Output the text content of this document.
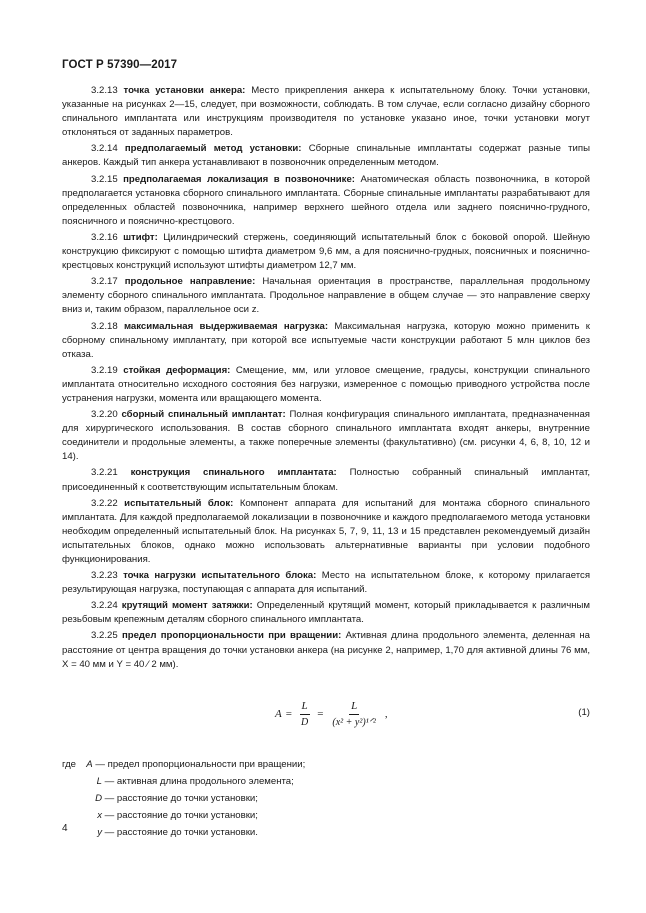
ГОСТ Р 57390—2017

3.2.13 точка установки анкера: Место прикрепления анкера к испытательному блоку. Точки установки, указанные на рисунках 2—15, следует, при возможности, соблюдать. В том случае, если согласно дизайну сборного спинального имплантата или инструкциям производителя по установке указано иное, точки установки могут отклоняться от заданных параметров.

3.2.14 предполагаемый метод установки: Сборные спинальные имплантаты содержат разные типы анкеров. Каждый тип анкера устанавливают в позвоночник определенным методом.

3.2.15 предполагаемая локализация в позвоночнике: Анатомическая область позвоночника, в которой предполагается установка сборного спинального имплантата. Сборные спинальные имплантаты разрабатывают для определенных областей позвоночника, например верхнего шейного отдела или заднего пояснично-грудного, поясничного и пояснично-крестцового.

3.2.16 штифт: Цилиндрический стержень, соединяющий испытательный блок с боковой опорой. Шейную конструкцию фиксируют с помощью штифта диаметром 9,6 мм, а для пояснично-грудных, поясничных и пояснично-крестцовых конструкций используют штифты диаметром 12,7 мм.

3.2.17 продольное направление: Начальная ориентация в пространстве, параллельная продольному элементу сборного спинального имплантата. Продольное направление в общем случае — это направление сверху вниз и, таким образом, параллельное оси z.

3.2.18 максимальная выдерживаемая нагрузка: Максимальная нагрузка, которую можно применить к сборному спинальному имплантату, при которой все испытуемые части конструкции работают 5 млн циклов без отказа.

3.2.19 стойкая деформация: Смещение, мм, или угловое смещение, градусы, конструкции спинального имплантата относительно исходного состояния без нагрузки, измеренное с помощью приводного устройства после устранения нагрузки, момента или вращающего момента.

3.2.20 сборный спинальный имплантат: Полная конфигурация спинального имплантата, предназначенная для хирургического использования. В состав сборного спинального имплантата входят анкеры, внутренние соединители и продольные элементы, а также поперечные элементы (факультативно) (см. рисунки 4, 6, 8, 10, 12 и 14).

3.2.21 конструкция спинального имплантата: Полностью собранный спинальный имплантат, присоединенный к соответствующим испытательным блокам.

3.2.22 испытательный блок: Компонент аппарата для испытаний для монтажа сборного спинального имплантата. Для каждой предполагаемой локализации в позвоночнике и каждого предполагаемого метода установки необходим определенный испытательный блок. На рисунках 5, 7, 9, 11, 13 и 15 представлен рекомендуемый дизайн испытательных блоков, однако можно использовать альтернативные варианты при условии подобного функционирования.

3.2.23 точка нагрузки испытательного блока: Место на испытательном блоке, к которому прилагается результирующая нагрузка, поступающая с аппарата для испытаний.

3.2.24 крутящий момент затяжки: Определенный крутящий момент, который прикладывается к различным резьбовым крепежным деталям сборного спинального имплантата.

3.2.25 предел пропорциональности при вращении: Активная длина продольного элемента, деленная на расстояние от центра вращения до точки установки анкера (на рисунке 2, например, 1,70 для активной длины 76 мм, X = 40 мм и Y = 40 ⁄ 2 мм).

$A = \frac{L}{D} = \frac{L}{\text{(x² + y²)¹ᐟ²}}$ ,	(1)
где A — предел пропорциональности при вращении;
L — активная длина продольного элемента;
D — расстояние до точки установки;
x — расстояние до точки установки;
y — расстояние до точки установки.
4
